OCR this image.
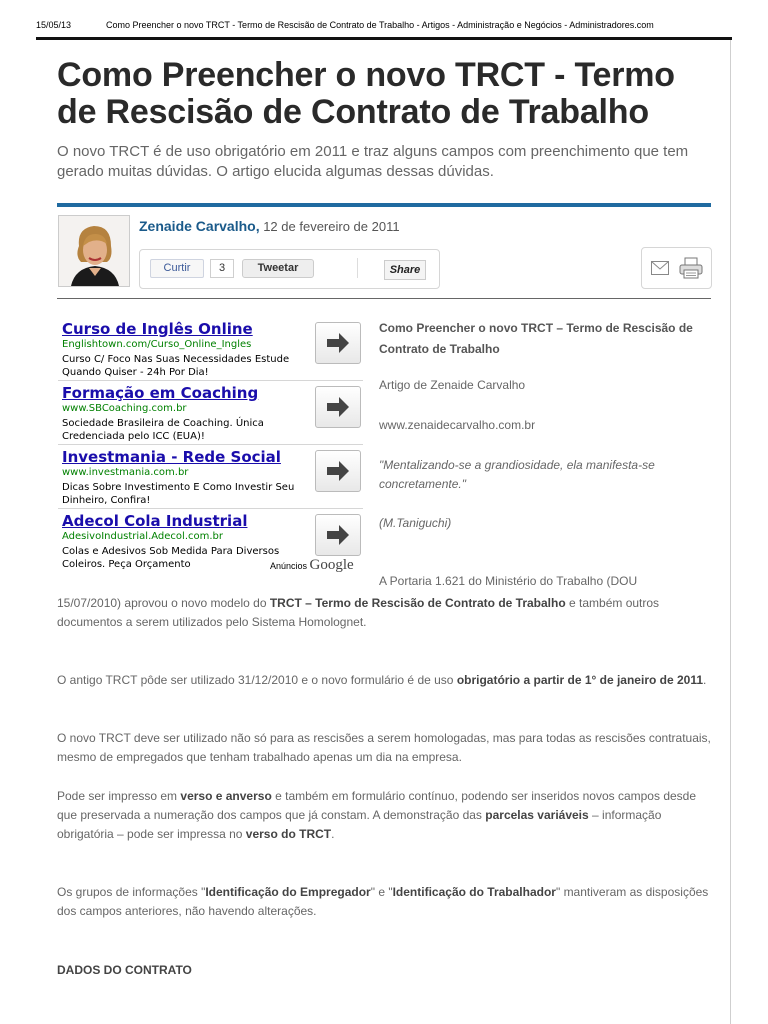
15/05/13	Como Preencher o novo TRCT - Termo de Rescisão de Contrato de Trabalho - Artigos - Administração e Negócios - Administradores.com
Como Preencher o novo TRCT - Termo de Rescisão de Contrato de Trabalho

O novo TRCT é de uso obrigatório em 2011 e traz alguns campos com preenchimento que tem gerado muitas dúvidas. O artigo elucida algumas dessas dúvidas.

Zenaide Carvalho, 12 de fevereiro de 2011
Curtir	3	Tweetar	Share
Curso de Inglês Online
Englishtown.com/Curso_Online_Ingles
Curso C/ Foco Nas Suas Necessidades Estude Quando Quiser - 24h Por Dia!
Formação em Coaching
www.SBCoaching.com.br
Sociedade Brasileira de Coaching. Única Credenciada pelo ICC (EUA)!
Investmania - Rede Social
www.investmania.com.br
Dicas Sobre Investimento E Como Investir Seu Dinheiro, Confira!
Adecol Cola Industrial
AdesivoIndustrial.Adecol.com.br
Colas e Adesivos Sob Medida Para Diversos Coleiros. Peça Orçamento	Anúncios Google

Como Preencher o novo TRCT – Termo de Rescisão de Contrato de Trabalho

Artigo de Zenaide Carvalho

www.zenaidecarvalho.com.br

"Mentalizando-se a grandiosidade, ela manifesta-se concretamente."

(M.Taniguchi)

A Portaria 1.621 do Ministério do Trabalho (DOU

15/07/2010) aprovou o novo modelo do TRCT – Termo de Rescisão de Contrato de Trabalho e também outros documentos a serem utilizados pelo Sistema Homolognet.

O antigo TRCT pôde ser utilizado 31/12/2010 e o novo formulário é de uso obrigatório a partir de 1° de janeiro de 2011.

O novo TRCT deve ser utilizado não só para as rescisões a serem homologadas, mas para todas as rescisões contratuais, mesmo de empregados que tenham trabalhado apenas um dia na empresa.

Pode ser impresso em verso e anverso e também em formulário contínuo, podendo ser inseridos novos campos desde que preservada a numeração dos campos que já constam. A demonstração das parcelas variáveis – informação obrigatória – pode ser impressa no verso do TRCT.

Os grupos de informações "Identificação do Empregador" e "Identificação do Trabalhador" mantiveram as disposições dos campos anteriores, não havendo alterações.

DADOS DO CONTRATO
